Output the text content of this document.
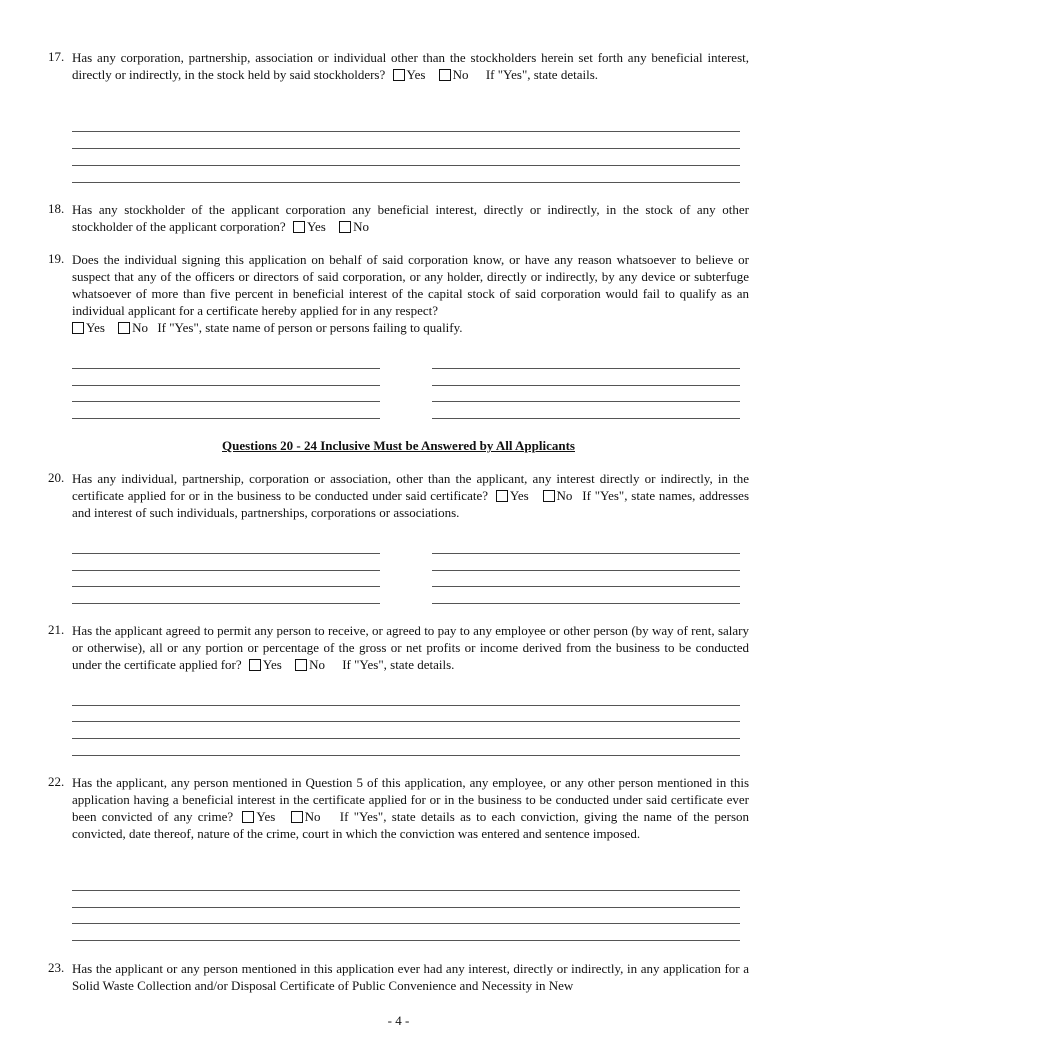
17. Has any corporation, partnership, association or individual other than the stockholders herein set forth any beneficial interest, directly or indirectly, in the stock held by said stockholders? Yes No If "Yes", state details.
18. Has any stockholder of the applicant corporation any beneficial interest, directly or indirectly, in the stock of any other stockholder of the applicant corporation? Yes No
19. Does the individual signing this application on behalf of said corporation know, or have any reason whatsoever to believe or suspect that any of the officers or directors of said corporation, or any holder, directly or indirectly, by any device or subterfuge whatsoever of more than five percent in beneficial interest of the capital stock of said corporation would fail to qualify as an individual applicant for a certificate hereby applied for in any respect?
Yes No If "Yes", state name of person or persons failing to qualify.
Questions 20 - 24 Inclusive Must be Answered by All Applicants
20. Has any individual, partnership, corporation or association, other than the applicant, any interest directly or indirectly, in the certificate applied for or in the business to be conducted under said certificate? Yes No If "Yes", state names, addresses and interest of such individuals, partnerships, corporations or associations.
21. Has the applicant agreed to permit any person to receive, or agreed to pay to any employee or other person (by way of rent, salary or otherwise), all or any portion or percentage of the gross or net profits or income derived from the business to be conducted under the certificate applied for? Yes No If "Yes", state details.
22. Has the applicant, any person mentioned in Question 5 of this application, any employee, or any other person mentioned in this application having a beneficial interest in the certificate applied for or in the business to be conducted under said certificate ever been convicted of any crime? Yes No If "Yes", state details as to each conviction, giving the name of the person convicted, date thereof, nature of the crime, court in which the conviction was entered and sentence imposed.
23. Has the applicant or any person mentioned in this application ever had any interest, directly or indirectly, in any application for a Solid Waste Collection and/or Disposal Certificate of Public Convenience and Necessity in New
- 4 -
